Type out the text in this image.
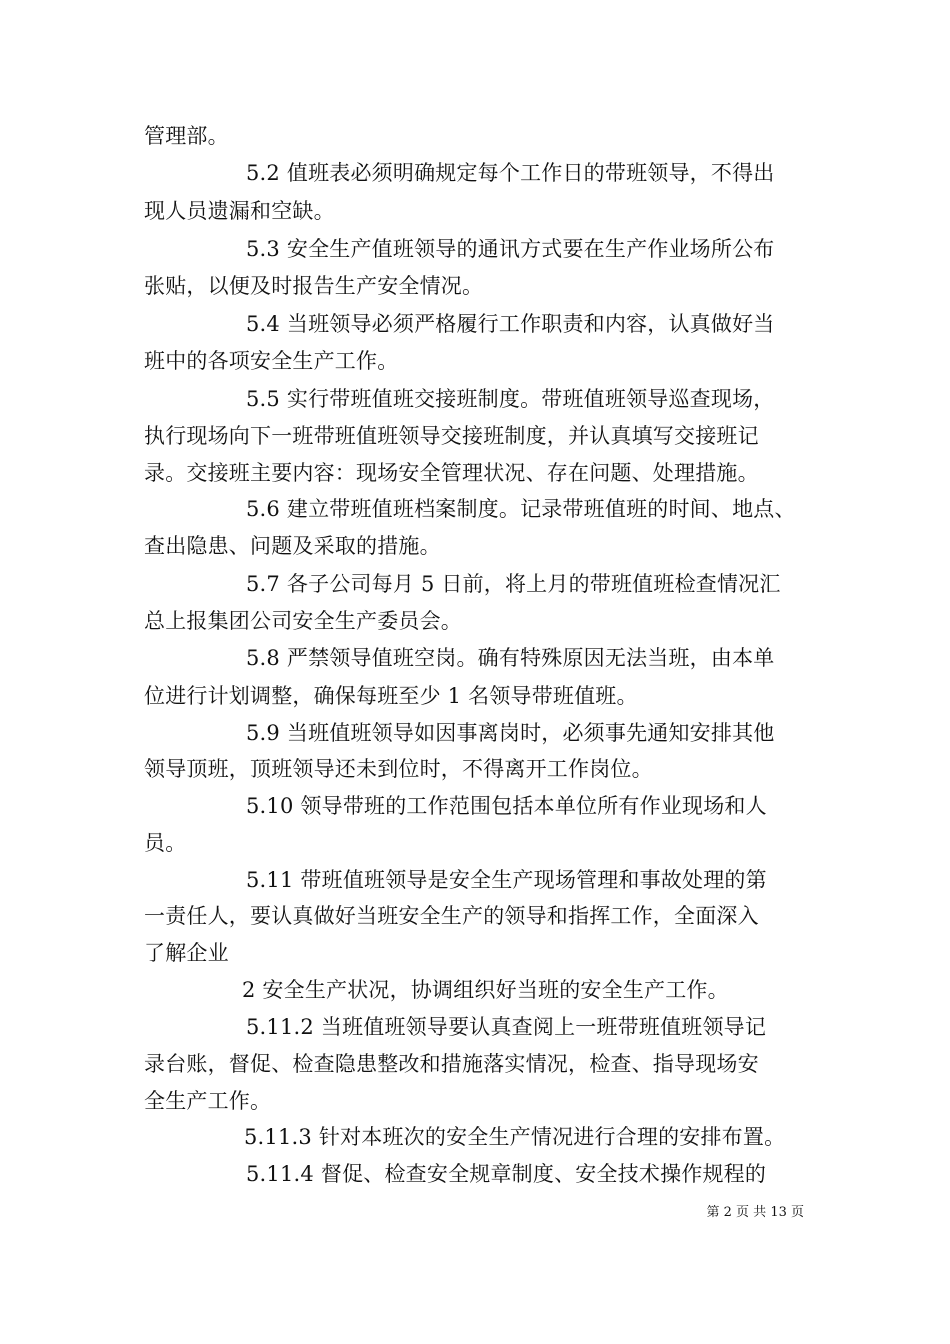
管理部。
5.2 值班表必须明确规定每个工作日的带班领导，不得出
现人员遗漏和空缺。
5.3 安全生产值班领导的通讯方式要在生产作业场所公布
张贴，以便及时报告生产安全情况。
5.4 当班领导必须严格履行工作职责和内容，认真做好当
班中的各项安全生产工作。
5.5 实行带班值班交接班制度。带班值班领导巡查现场，
执行现场向下一班带班值班领导交接班制度，并认真填写交接班记
录。交接班主要内容：现场安全管理状况、存在问题、处理措施。
5.6 建立带班值班档案制度。记录带班值班的时间、地点、
查出隐患、问题及采取的措施。
5.7 各子公司每月 5 日前，将上月的带班值班检查情况汇
总上报集团公司安全生产委员会。
5.8 严禁领导值班空岗。确有特殊原因无法当班，由本单
位进行计划调整，确保每班至少 1 名领导带班值班。
5.9 当班值班领导如因事离岗时，必须事先通知安排其他
领导顶班，顶班领导还未到位时，不得离开工作岗位。
5.10 领导带班的工作范围包括本单位所有作业现场和人
员。
5.11 带班值班领导是安全生产现场管理和事故处理的第
一责任人，要认真做好当班安全生产的领导和指挥工作，全面深入
了解企业
2 安全生产状况，协调组织好当班的安全生产工作。
5.11.2 当班值班领导要认真查阅上一班带班值班领导记
录台账，督促、检查隐患整改和措施落实情况，检查、指导现场安
全生产工作。
5.11.3 针对本班次的安全生产情况进行合理的安排布置。
5.11.4 督促、检查安全规章制度、安全技术操作规程的
第 2 页 共 13 页
